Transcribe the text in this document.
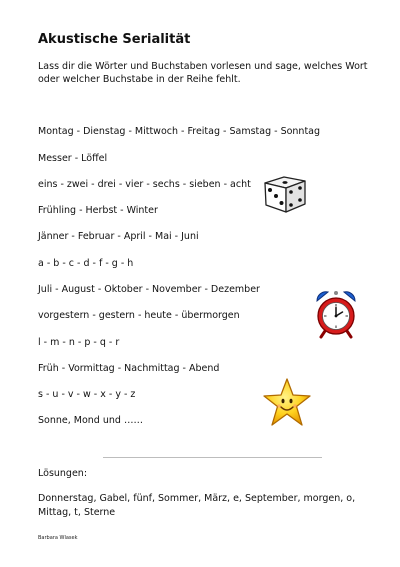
Akustische Serialität
Lass dir die Wörter und Buchstaben vorlesen und sage, welches Wort oder welcher Buchstabe in der Reihe fehlt.
Montag - Dienstag - Mittwoch - Freitag - Samstag - Sonntag
Messer - Löffel
eins - zwei - drei - vier - sechs - sieben - acht
Frühling - Herbst - Winter
Jänner - Februar - April - Mai - Juni
a - b - c - d - f - g - h
Juli - August - Oktober - November - Dezember
vorgestern - gestern - heute - übermorgen
l - m - n - p - q - r
Früh - Vormittag - Nachmittag - Abend
s - u - v - w - x - y - z
Sonne, Mond und ……
Lösungen:
Donnerstag, Gabel, fünf, Sommer, März, e, September, morgen, o, Mittag, t, Sterne
Barbara Wlasek
